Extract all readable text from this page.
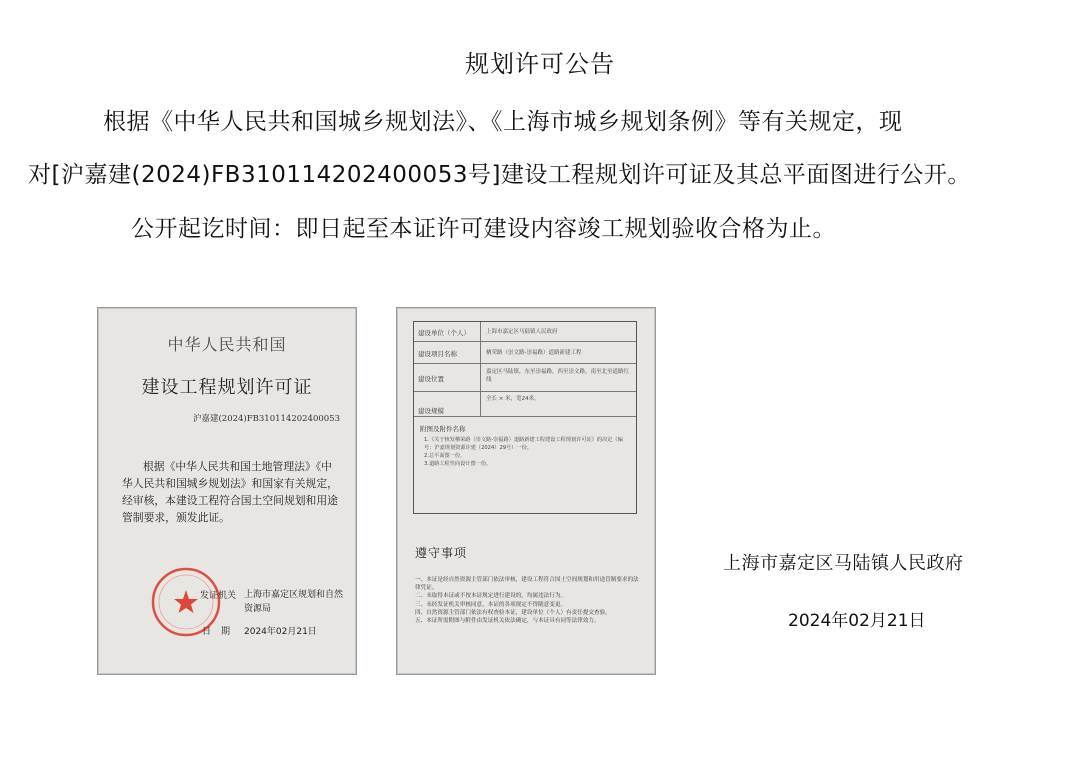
规划许可公告
根据《中华人民共和国城乡规划法》、《上海市城乡规划条例》等有关规定，现
对[沪嘉建(2024)FB310114202400053号]建设工程规划许可证及其总平面图进行公开。
公开起讫时间：即日起至本证许可建设内容竣工规划验收合格为止。
中华人民共和国
建设工程规划许可证
沪嘉建(2024)FB310114202400053
根据《中华人民共和国土地管理法》《中华人民共和国城乡规划法》和国家有关规定，经审核，本建设工程符合国土空间规划和用途管制要求，颁发此证。
发证机关 上海市嘉定区规划和自然资源局
日期 2024年02月21日
建设单位（个人）	上海市嘉定区马陆镇人民政府
建设项目名称	栖荣路（崇文路-崇福路）道路新建工程
建设位置
嘉定区马陆镇，东至崇福路，西至崇文路，南至北至道路红线
建设规模
全长 × 米，宽24米。
附图及附件名称
1.《关于核发栖荣路（崇文路-崇福路）道路新建工程建设工程规划许可证》的决定（编号：沪嘉规划资源许建（2024）29号）一份。
2.总平面图一份。
3.道路工程竖向设计图一份。
遵守事项
一、本证是经自然资源主管部门依法审核，建设工程符合国土空间规划和用途管制要求的法律凭证。
二、未取得本证或不按本证规定进行建设的，均属违法行为。
三、未经发证机关审核同意，本证的各项规定不得随意变更。
四、自然资源主管部门依法有权查验本证，建设单位（个人）有责任提交查验。
五、本证所需附图与附件由发证机关依法确定，与本证具有同等法律效力。
上海市嘉定区马陆镇人民政府
2024年02月21日
